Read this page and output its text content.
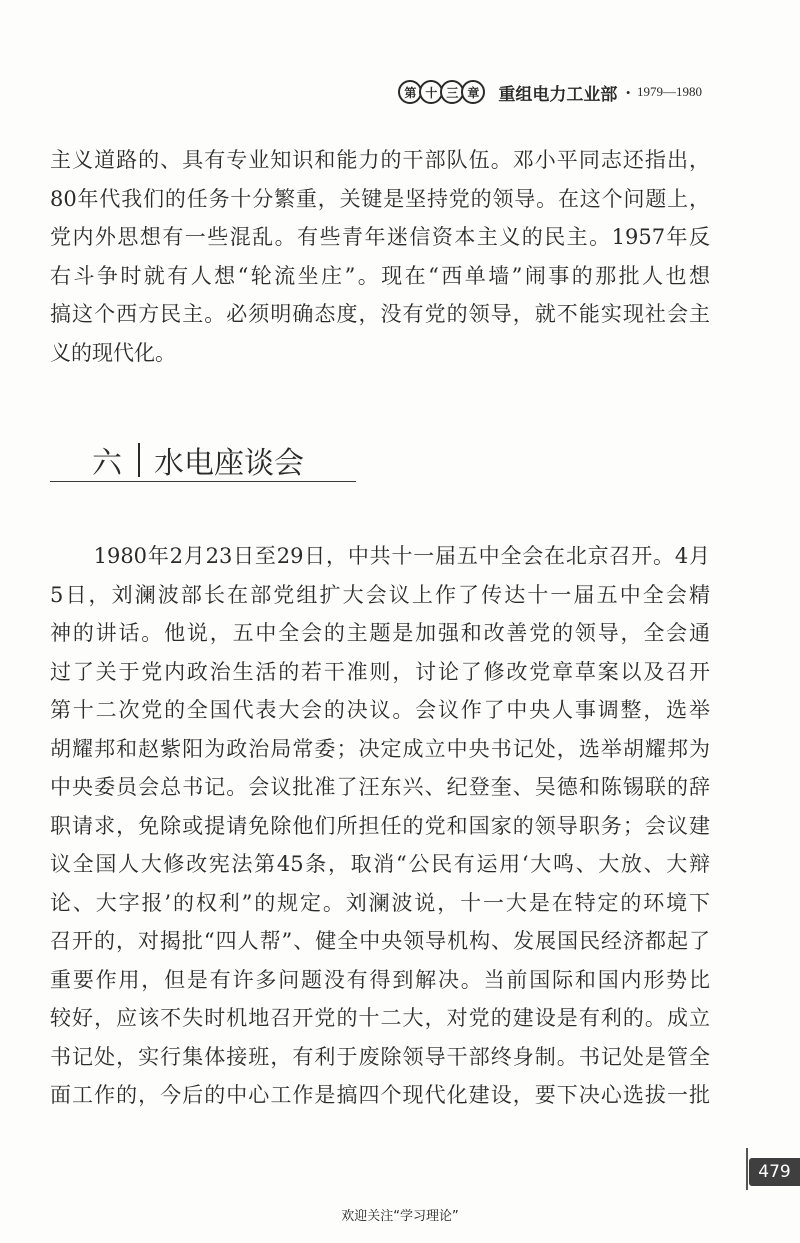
第 十 三 章	重组电力工业部 · 1979—1980
主义道路的、具有专业知识和能力的干部队伍。邓小平同志还指出，
80年代我们的任务十分繁重，关键是坚持党的领导。在这个问题上，
党内外思想有一些混乱。有些青年迷信资本主义的民主。1957年反
右斗争时就有人想“轮流坐庄”。现在“西单墙”闹事的那批人也想
搞这个西方民主。必须明确态度，没有党的领导，就不能实现社会主
义的现代化。
六 水电座谈会
　　1980年2月23日至29日，中共十一届五中全会在北京召开。4月
5日，刘澜波部长在部党组扩大会议上作了传达十一届五中全会精
神的讲话。他说，五中全会的主题是加强和改善党的领导，全会通
过了关于党内政治生活的若干准则，讨论了修改党章草案以及召开
第十二次党的全国代表大会的决议。会议作了中央人事调整，选举
胡耀邦和赵紫阳为政治局常委；决定成立中央书记处，选举胡耀邦为
中央委员会总书记。会议批准了汪东兴、纪登奎、吴德和陈锡联的辞
职请求，免除或提请免除他们所担任的党和国家的领导职务；会议建
议全国人大修改宪法第45条，取消“公民有运用‘大鸣、大放、大辩
论、大字报’的权利”的规定。刘澜波说，十一大是在特定的环境下
召开的，对揭批“四人帮”、健全中央领导机构、发展国民经济都起了
重要作用，但是有许多问题没有得到解决。当前国际和国内形势比
较好，应该不失时机地召开党的十二大，对党的建设是有利的。成立
书记处，实行集体接班，有利于废除领导干部终身制。书记处是管全
面工作的，今后的中心工作是搞四个现代化建设，要下决心选拔一批
479
欢迎关注“学习理论”
